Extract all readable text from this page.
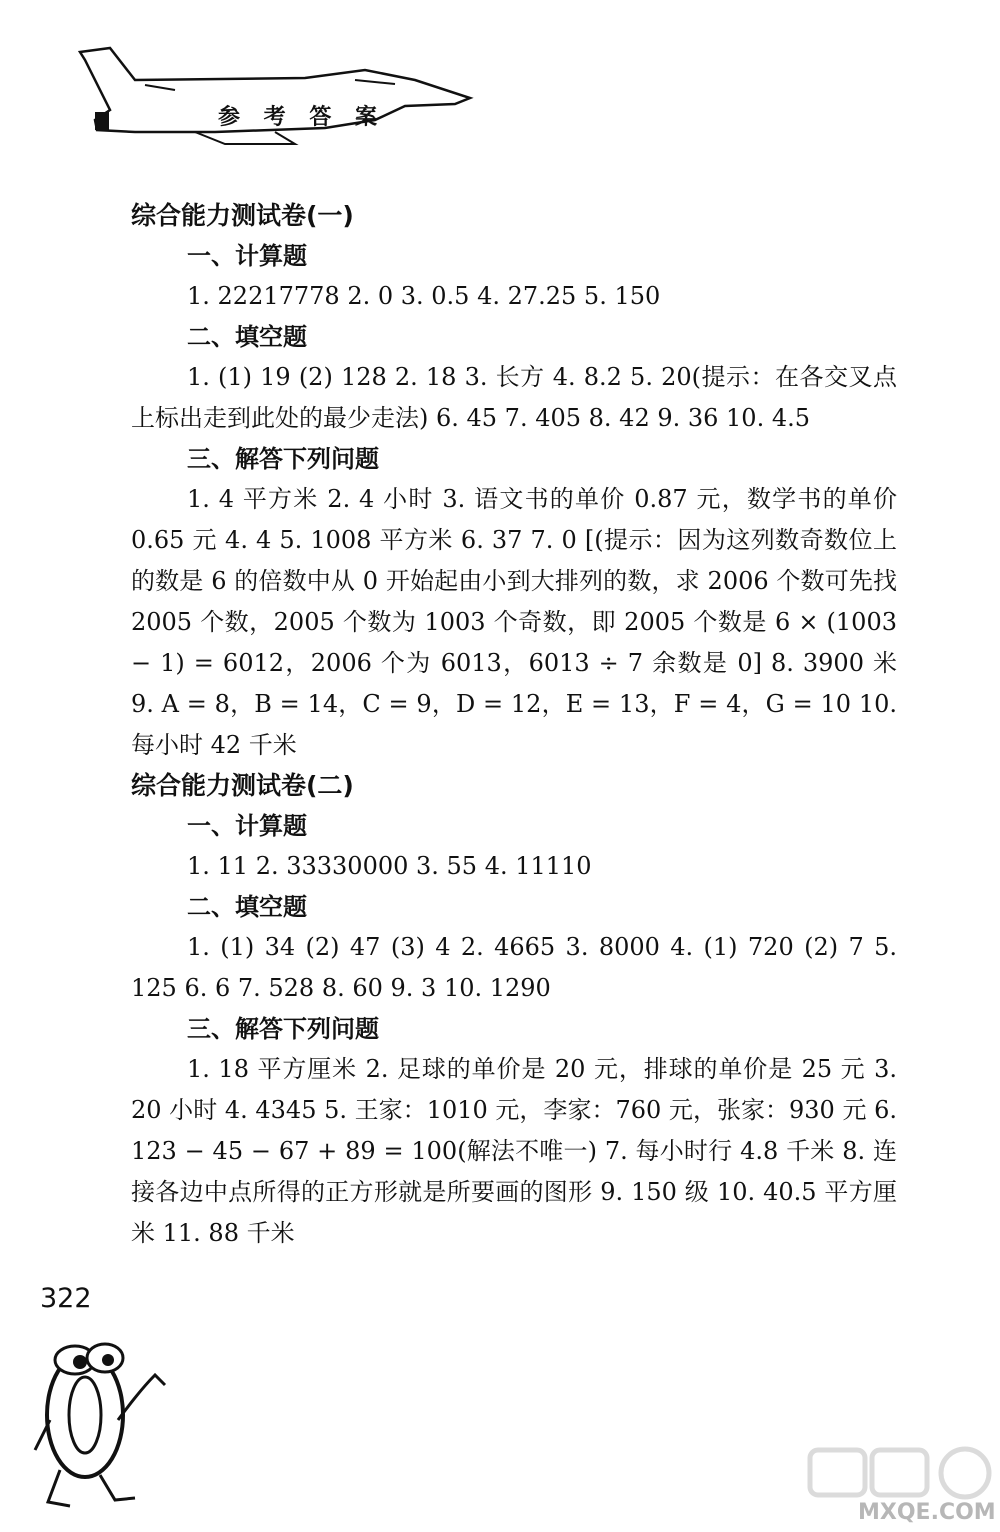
参 考 答 案
综合能力测试卷(一)
一、计算题

1. 22217778 2. 0 3. 0.5 4. 27.25 5. 150

二、填空题

1. (1) 19 (2) 128 2. 18 3. 长方 4. 8.2 5. 20(提示：在各交叉点上标出走到此处的最少走法) 6. 45 7. 405 8. 42 9. 36 10. 4.5

三、解答下列问题

1. 4 平方米 2. 4 小时 3. 语文书的单价 0.87 元，数学书的单价 0.65 元 4. 4 5. 1008 平方米 6. 37 7. 0 [(提示：因为这列数奇数位上的数是 6 的倍数中从 0 开始起由小到大排列的数，求 2006 个数可先找 2005 个数，2005 个数为 1003 个奇数，即 2005 个数是 6 × (1003 − 1) = 6012，2006 个为 6013，6013 ÷ 7 余数是 0] 8. 3900 米 9. A = 8，B = 14，C = 9，D = 12，E = 13，F = 4，G = 10 10. 每小时 42 千米

综合能力测试卷(二)
一、计算题

1. 11 2. 33330000 3. 55 4. 11110

二、填空题

1. (1) 34 (2) 47 (3) 4 2. 4665 3. 8000 4. (1) 720 (2) 7 5. 125 6. 6 7. 528 8. 60 9. 3 10. 1290

三、解答下列问题

1. 18 平方厘米 2. 足球的单价是 20 元，排球的单价是 25 元 3. 20 小时 4. 4345 5. 王家：1010 元，李家：760 元，张家：930 元 6. 123 − 45 − 67 + 89 = 100(解法不唯一) 7. 每小时行 4.8 千米 8. 连接各边中点所得的正方形就是所要画的图形 9. 150 级 10. 40.5 平方厘米 11. 88 千米

322
MXQE.COM
